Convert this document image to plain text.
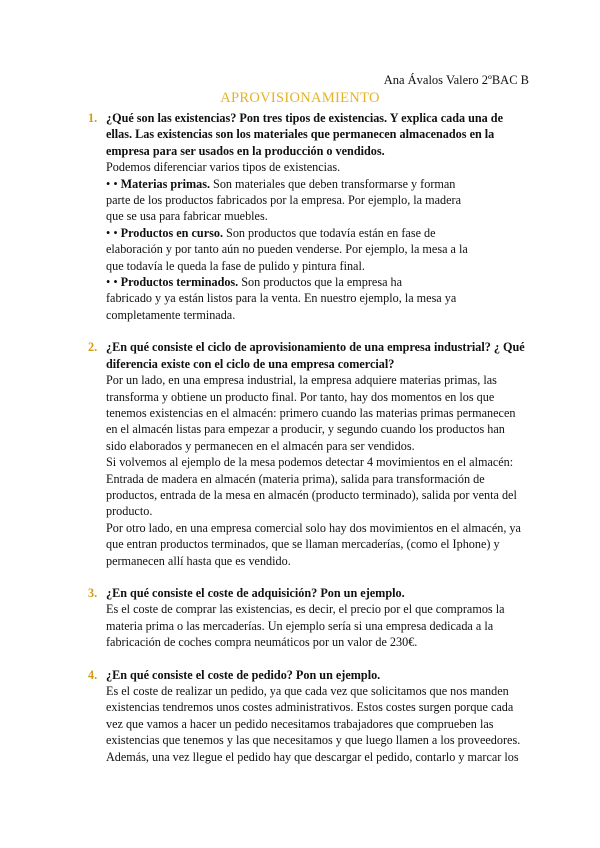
Ana Ávalos Valero 2ºBAC B
APROVISIONAMIENTO
1. ¿Qué son las existencias? Pon tres tipos de existencias. Y explica cada una de
ellas. Las existencias son los materiales que permanecen almacenados en la
empresa para ser usados en la producción o vendidos.
Podemos diferenciar varios tipos de existencias.
• • Materias primas. Son materiales que deben transformarse y forman
parte de los productos fabricados por la empresa. Por ejemplo, la madera
que se usa para fabricar muebles.
• • Productos en curso. Son productos que todavía están en fase de
elaboración y por tanto aún no pueden venderse. Por ejemplo, la mesa a la
que todavía le queda la fase de pulido y pintura final.
• • Productos terminados. Son productos que la empresa ha
fabricado y ya están listos para la venta. En nuestro ejemplo, la mesa ya
completamente terminada.
2. ¿En qué consiste el ciclo de aprovisionamiento de una empresa industrial? ¿ Qué
diferencia existe con el ciclo de una empresa comercial?
Por un lado, en una empresa industrial, la empresa adquiere materias primas, las
transforma y obtiene un producto final. Por tanto, hay dos momentos en los que
tenemos existencias en el almacén: primero cuando las materias primas permanecen
en el almacén listas para empezar a producir, y segundo cuando los productos han
sido elaborados y permanecen en el almacén para ser vendidos.
Si volvemos al ejemplo de la mesa podemos detectar 4 movimientos en el almacén:
Entrada de madera en almacén (materia prima), salida para transformación de
productos, entrada de la mesa en almacén (producto terminado), salida por venta del
producto.
Por otro lado, en una empresa comercial solo hay dos movimientos en el almacén, ya
que entran productos terminados, que se llaman mercaderías, (como el Iphone) y
permanecen allí hasta que es vendido.
3. ¿En qué consiste el coste de adquisición? Pon un ejemplo.
Es el coste de comprar las existencias, es decir, el precio por el que compramos la
materia prima o las mercaderías. Un ejemplo sería si una empresa dedicada a la
fabricación de coches compra neumáticos por un valor de 230€.
4. ¿En qué consiste el coste de pedido? Pon un ejemplo.
Es el coste de realizar un pedido, ya que cada vez que solicitamos que nos manden
existencias tendremos unos costes administrativos. Estos costes surgen porque cada
vez que vamos a hacer un pedido necesitamos trabajadores que comprueben las
existencias que tenemos y las que necesitamos y que luego llamen a los proveedores.
Además, una vez llegue el pedido hay que descargar el pedido, contarlo y marcar los
